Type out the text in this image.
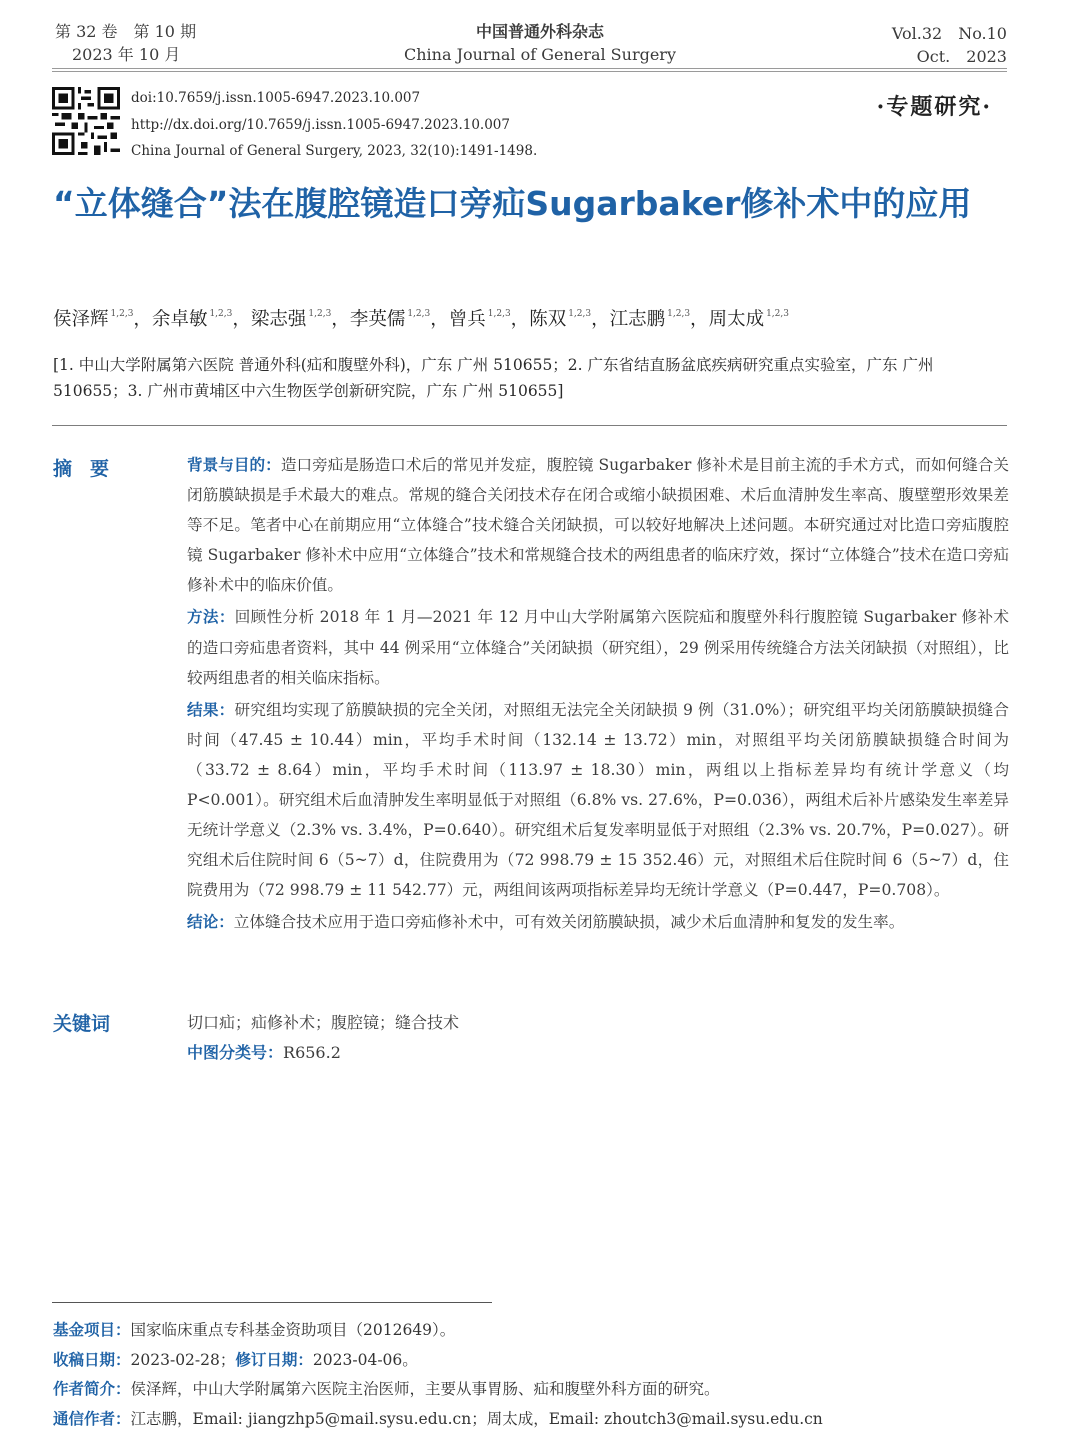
第 32 卷　第 10 期
2023 年 10 月
中国普通外科杂志
China Journal of General Surgery
Vol.32　No.10
Oct.　2023
doi:10.7659/j.issn.1005-6947.2023.10.007
http://dx.doi.org/10.7659/j.issn.1005-6947.2023.10.007
China Journal of General Surgery, 2023, 32(10):1491-1498.
·专题研究·
“立体缝合”法在腹腔镜造口旁疝Sugarbaker修补术中的应用
侯泽辉 $^{1,2,3}$，余卓敏 $^{1,2,3}$，梁志强 $^{1,2,3}$，李英儒 $^{1,2,3}$，曾兵 $^{1,2,3}$，陈双 $^{1,2,3}$，江志鹏 $^{1,2,3}$，周太成 $^{1,2,3}$
[1. 中山大学附属第六医院 普通外科(疝和腹壁外科)，广东 广州 510655；2. 广东省结直肠盆底疾病研究重点实验室，广东 广州 510655；3. 广州市黄埔区中六生物医学创新研究院，广东 广州 510655]
摘要	背景与目的：造口旁疝是肠造口术后的常见并发症，腹腔镜 Sugarbaker 修补术是目前主流的手术方式，而如何缝合关闭筋膜缺损是手术最大的难点。常规的缝合关闭技术存在闭合或缩小缺损困难、术后血清肿发生率高、腹壁塑形效果差等不足。笔者中心在前期应用“立体缝合”技术缝合关闭缺损，可以较好地解决上述问题。本研究通过对比造口旁疝腹腔镜 Sugarbaker 修补术中应用“立体缝合”技术和常规缝合技术的两组患者的临床疗效，探讨“立体缝合”技术在造口旁疝修补术中的临床价值。

方法：回顾性分析 2018 年 1 月—2021 年 12 月中山大学附属第六医院疝和腹壁外科行腹腔镜 Sugarbaker 修补术的造口旁疝患者资料，其中 44 例采用“立体缝合”关闭缺损（研究组），29 例采用传统缝合方法关闭缺损（对照组），比较两组患者的相关临床指标。

结果：研究组均实现了筋膜缺损的完全关闭，对照组无法完全关闭缺损 9 例（31.0%）；研究组平均关闭筋膜缺损缝合时间（47.45 ± 10.44）min，平均手术时间（132.14 ± 13.72）min，对照组平均关闭筋膜缺损缝合时间为（33.72 ± 8.64）min，平均手术时间（113.97 ± 18.30）min，两组以上指标差异均有统计学意义（均 P<0.001）。研究组术后血清肿发生率明显低于对照组（6.8% vs. 27.6%，P=0.036），两组术后补片感染发生率差异无统计学意义（2.3% vs. 3.4%，P=0.640）。研究组术后复发率明显低于对照组（2.3% vs. 20.7%，P=0.027）。研究组术后住院时间 6（5~7）d，住院费用为（72 998.79 ± 15 352.46）元，对照组术后住院时间 6（5~7）d，住院费用为（72 998.79 ± 11 542.77）元，两组间该两项指标差异均无统计学意义（P=0.447，P=0.708）。

结论：立体缝合技术应用于造口旁疝修补术中，可有效关闭筋膜缺损，减少术后血清肿和复发的发生率。

关键词	切口疝；疝修补术；腹腔镜；缝合技术
中图分类号：R656.2
基金项目：国家临床重点专科基金资助项目（2012649）。
收稿日期：2023-02-28；修订日期：2023-04-06。
作者简介：侯泽辉，中山大学附属第六医院主治医师，主要从事胃肠、疝和腹壁外科方面的研究。
通信作者：江志鹏，Email: jiangzhp5@mail.sysu.edu.cn；周太成，Email: zhoutch3@mail.sysu.edu.cn
